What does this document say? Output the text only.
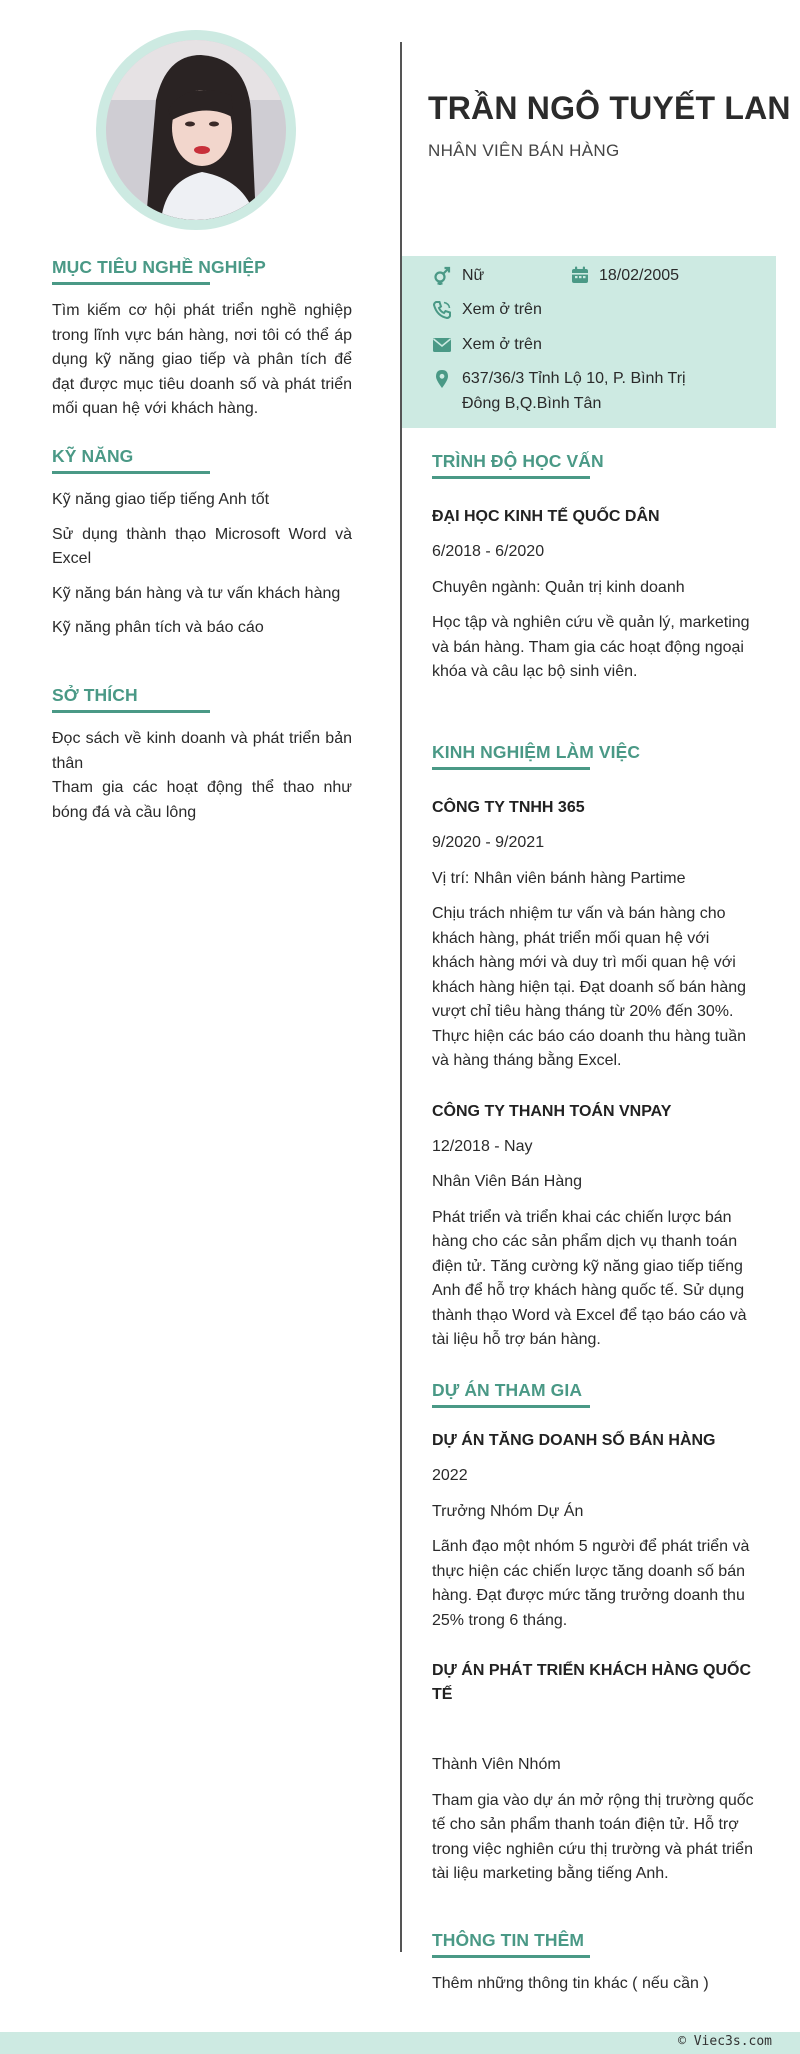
MỤC TIÊU NGHỀ NGHIỆP

Tìm kiếm cơ hội phát triển nghề nghiệp trong lĩnh vực bán hàng, nơi tôi có thể áp dụng kỹ năng giao tiếp và phân tích để đạt được mục tiêu doanh số và phát triển mối quan hệ với khách hàng.

KỸ NĂNG
Kỹ năng giao tiếp tiếng Anh tốt
Sử dụng thành thạo Microsoft Word và Excel
Kỹ năng bán hàng và tư vấn khách hàng
Kỹ năng phân tích và báo cáo
SỞ THÍCH
Đọc sách về kinh doanh và phát triển bản thân
Tham gia các hoạt động thể thao như bóng đá và cầu lông
TRẦN NGÔ TUYẾT LAN
NHÂN VIÊN BÁN HÀNG
Nữ	18/02/2005
Xem ở trên
Xem ở trên
637/36/3 Tỉnh Lộ 10, P. Bình Trị
Đông B,Q.Bình Tân
TRÌNH ĐỘ HỌC VẤN
ĐẠI HỌC KINH TẾ QUỐC DÂN
6/2018 - 6/2020
Chuyên ngành: Quản trị kinh doanh
Học tập và nghiên cứu về quản lý, marketing và bán hàng. Tham gia các hoạt động ngoại khóa và câu lạc bộ sinh viên.
KINH NGHIỆM LÀM VIỆC
CÔNG TY TNHH 365
9/2020 - 9/2021
Vị trí: Nhân viên bánh hàng Partime
Chịu trách nhiệm tư vấn và bán hàng cho khách hàng, phát triển mối quan hệ với khách hàng mới và duy trì mối quan hệ với khách hàng hiện tại. Đạt doanh số bán hàng vượt chỉ tiêu hàng tháng từ 20% đến 30%. Thực hiện các báo cáo doanh thu hàng tuần và hàng tháng bằng Excel.
CÔNG TY THANH TOÁN VNPAY
12/2018 - Nay
Nhân Viên Bán Hàng
Phát triển và triển khai các chiến lược bán hàng cho các sản phẩm dịch vụ thanh toán điện tử. Tăng cường kỹ năng giao tiếp tiếng Anh để hỗ trợ khách hàng quốc tế. Sử dụng thành thạo Word và Excel để tạo báo cáo và tài liệu hỗ trợ bán hàng.
DỰ ÁN THAM GIA
DỰ ÁN TĂNG DOANH SỐ BÁN HÀNG
2022
Trưởng Nhóm Dự Án
Lãnh đạo một nhóm 5 người để phát triển và thực hiện các chiến lược tăng doanh số bán hàng. Đạt được mức tăng trưởng doanh thu 25% trong 6 tháng.
DỰ ÁN PHÁT TRIỂN KHÁCH HÀNG QUỐC TẾ
Thành Viên Nhóm
Tham gia vào dự án mở rộng thị trường quốc tế cho sản phẩm thanh toán điện tử. Hỗ trợ trong việc nghiên cứu thị trường và phát triển tài liệu marketing bằng tiếng Anh.
THÔNG TIN THÊM
Thêm những thông tin khác ( nếu cần )
© Viec3s.com
